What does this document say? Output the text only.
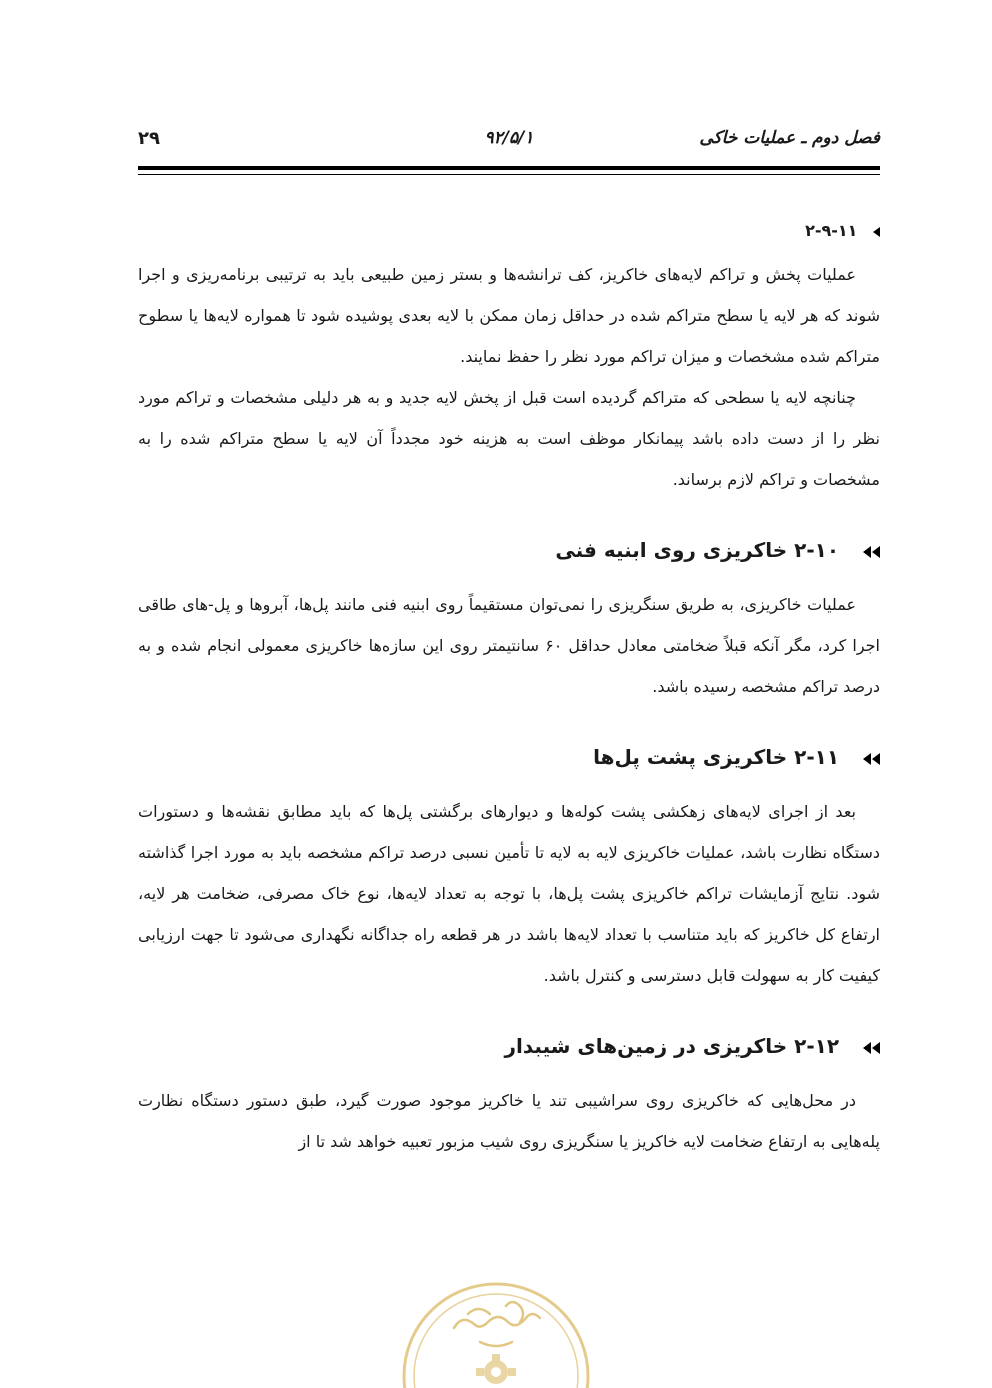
فصل دوم ـ عملیات خاکی
۹۲/۵/۱
۲۹
۲-۹-۱۱

عملیات پخش و تراکم لایه‌های خاکریز، کف ترانشه‌ها و بستر زمین طبیعی باید به ترتیبی برنامه‌ریزی و اجرا شوند که هر لایه یا سطح متراکم شده در حداقل زمان ممکن با لایه بعدی پوشیده شود تا همواره لایه‌ها یا سطوح متراکم شده مشخصات و میزان تراکم مورد نظر را حفظ نمایند.

چنانچه لایه یا سطحی که متراکم گردیده است قبل از پخش لایه جدید و به هر دلیلی مشخصات و تراکم مورد نظر را از دست داده باشد پیمانکار موظف است به هزینه خود مجدداً آن لایه یا سطح متراکم شده را به مشخصات و تراکم لازم برساند.

۲-۱۰ خاکریزی روی ابنیه فنی

عملیات خاکریزی، به طریق سنگریزی را نمی‌توان مستقیماً روی ابنیه فنی مانند پل‌ها، آبروها و پل-های طاقی اجرا کرد، مگر آنکه قبلاً ضخامتی معادل حداقل ۶۰ سانتیمتر روی این سازه‌ها خاکریزی معمولی انجام شده و به درصد تراکم مشخصه رسیده باشد.

۲-۱۱ خاکریزی پشت پل‌ها

بعد از اجرای لایه‌های زهکشی پشت کوله‌ها و دیوارهای برگشتی پل‌ها که باید مطابق نقشه‌ها و دستورات دستگاه نظارت باشد، عملیات خاکریزی لایه به لایه تا تأمین نسبی درصد تراکم مشخصه باید به مورد اجرا گذاشته شود. نتایج آزمایشات تراکم خاکریزی پشت پل‌ها، با توجه به تعداد لایه‌ها، نوع خاک مصرفی، ضخامت هر لایه، ارتفاع کل خاکریز که باید متناسب با تعداد لایه‌ها باشد در هر قطعه راه جداگانه نگهداری می‌شود تا جهت ارزیابی کیفیت کار به سهولت قابل دسترسی و کنترل باشد.

۲-۱۲ خاکریزی در زمین‌های شیبدار

در محل‌هایی که خاکریزی روی سراشیبی تند یا خاکریز موجود صورت گیرد، طبق دستور دستگاه نظارت پله‌هایی به ارتفاع ضخامت لایه خاکریز یا سنگریزی روی شیب مزبور تعبیه خواهد شد تا از
